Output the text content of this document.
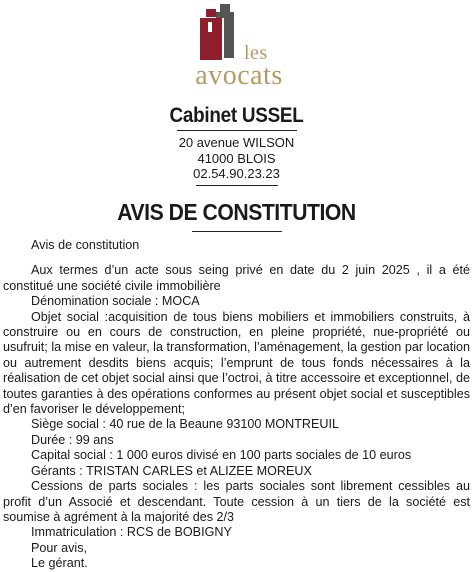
les
avocats
Cabinet USSEL
20 avenue WILSON
41000 BLOIS
02.54.90.23.23
AVIS DE CONSTITUTION

Avis de constitution

Aux termes d’un acte sous seing privé en date du 2 juin 2025 , il a été constitué une société civile immobilière

Dénomination sociale : MOCA

Objet social :acquisition de tous biens mobiliers et immobiliers construits, à construire ou en cours de construction, en pleine propriété, nue-propriété ou usufruit; la mise en valeur, la transformation, l’aménagement, la gestion par location ou autrement desdits biens acquis; l’emprunt de tous fonds nécessaires à la réalisation de cet objet social ainsi que l’octroi, à titre accessoire et exceptionnel, de toutes garanties à des opérations conformes au présent objet social et susceptibles d’en favoriser le développement;

Siège social : 40 rue de la Beaune 93100 MONTREUIL

Durée : 99 ans

Capital social : 1 000 euros divisé en 100 parts sociales de 10 euros

Gérants : TRISTAN CARLES et ALIZEE MOREUX

Cessions de parts sociales : les parts sociales sont librement cessibles au profit d’un Associé et descendant. Toute cession à un tiers de la société est soumise à agrément à la majorité des 2/3

Immatriculation : RCS de BOBIGNY

Pour avis,

Le gérant.
